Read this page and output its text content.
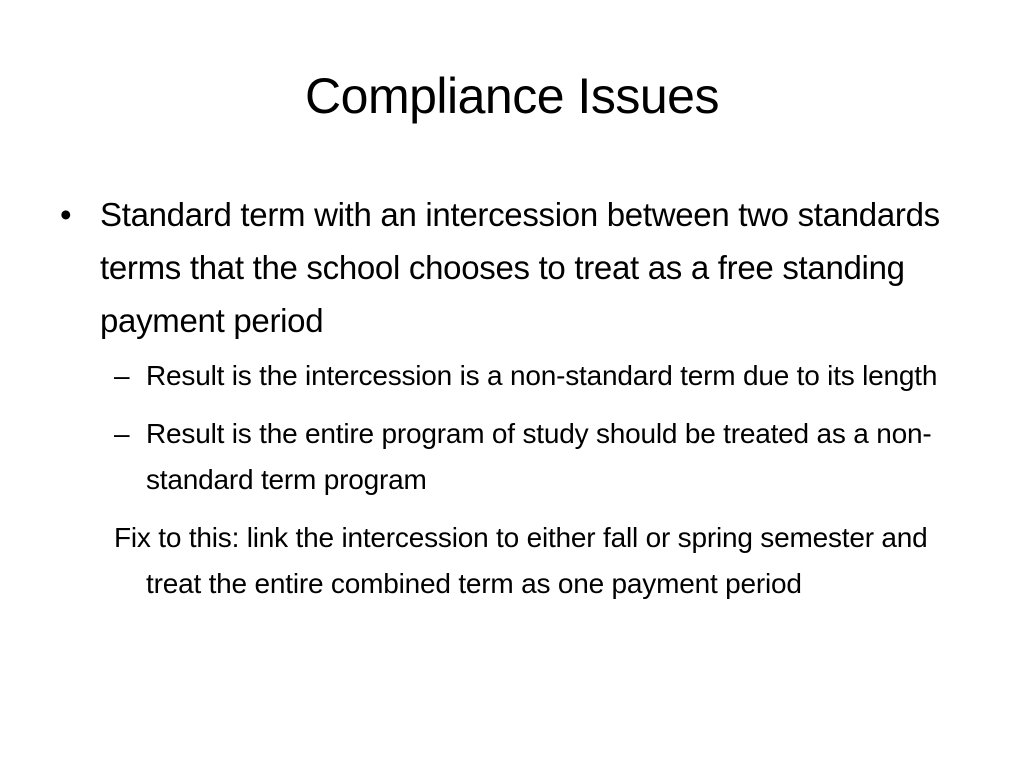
Compliance Issues

• Standard term with an intercession between two standards terms that the school chooses to treat as a free standing payment period

– Result is the intercession is a non-standard term due to its length
– Result is the entire program of study should be treated as a non-standard term program

Fix to this: link the intercession to either fall or spring semester and treat the entire combined term as one payment period
